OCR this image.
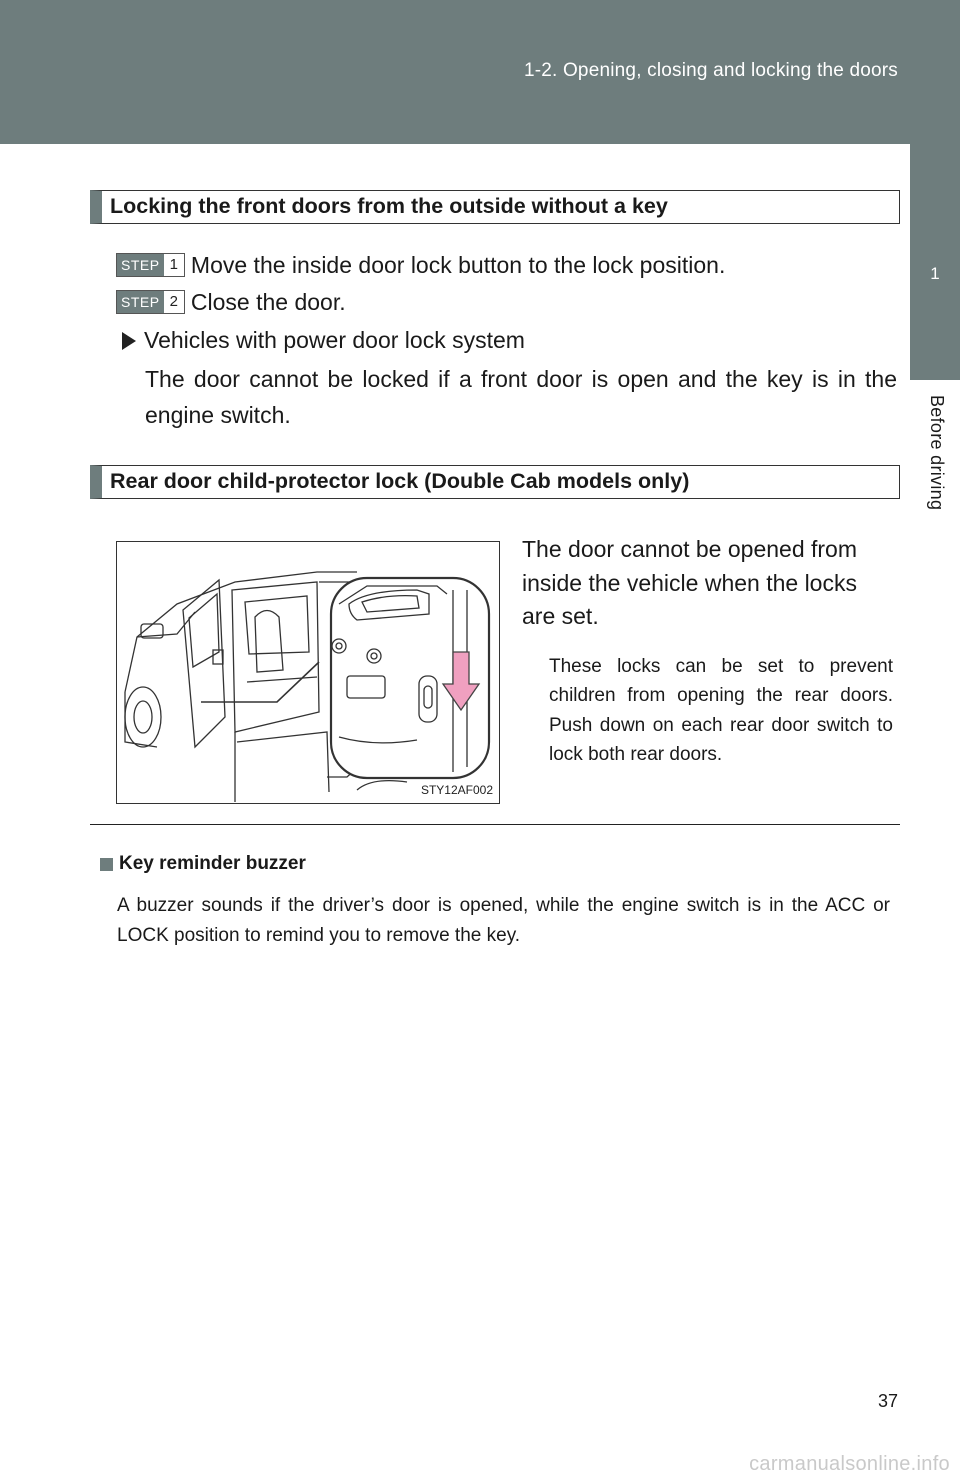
1-2. Opening, closing and locking the doors
1
Before driving
Locking the front doors from the outside without a key
STEP 1 Move the inside door lock button to the lock position.
STEP 2 Close the door.
Vehicles with power door lock system
The door cannot be locked if a front door is open and the key is in the engine switch.
Rear door child-protector lock (Double Cab models only)
STY12AF002
The door cannot be opened from inside the vehicle when the locks are set.
These locks can be set to prevent children from opening the rear doors. Push down on each rear door switch to lock both rear doors.
Key reminder buzzer
A buzzer sounds if the driver’s door is opened, while the engine switch is in the ACC or LOCK position to remind you to remove the key.
37
carmanualsonline.info
